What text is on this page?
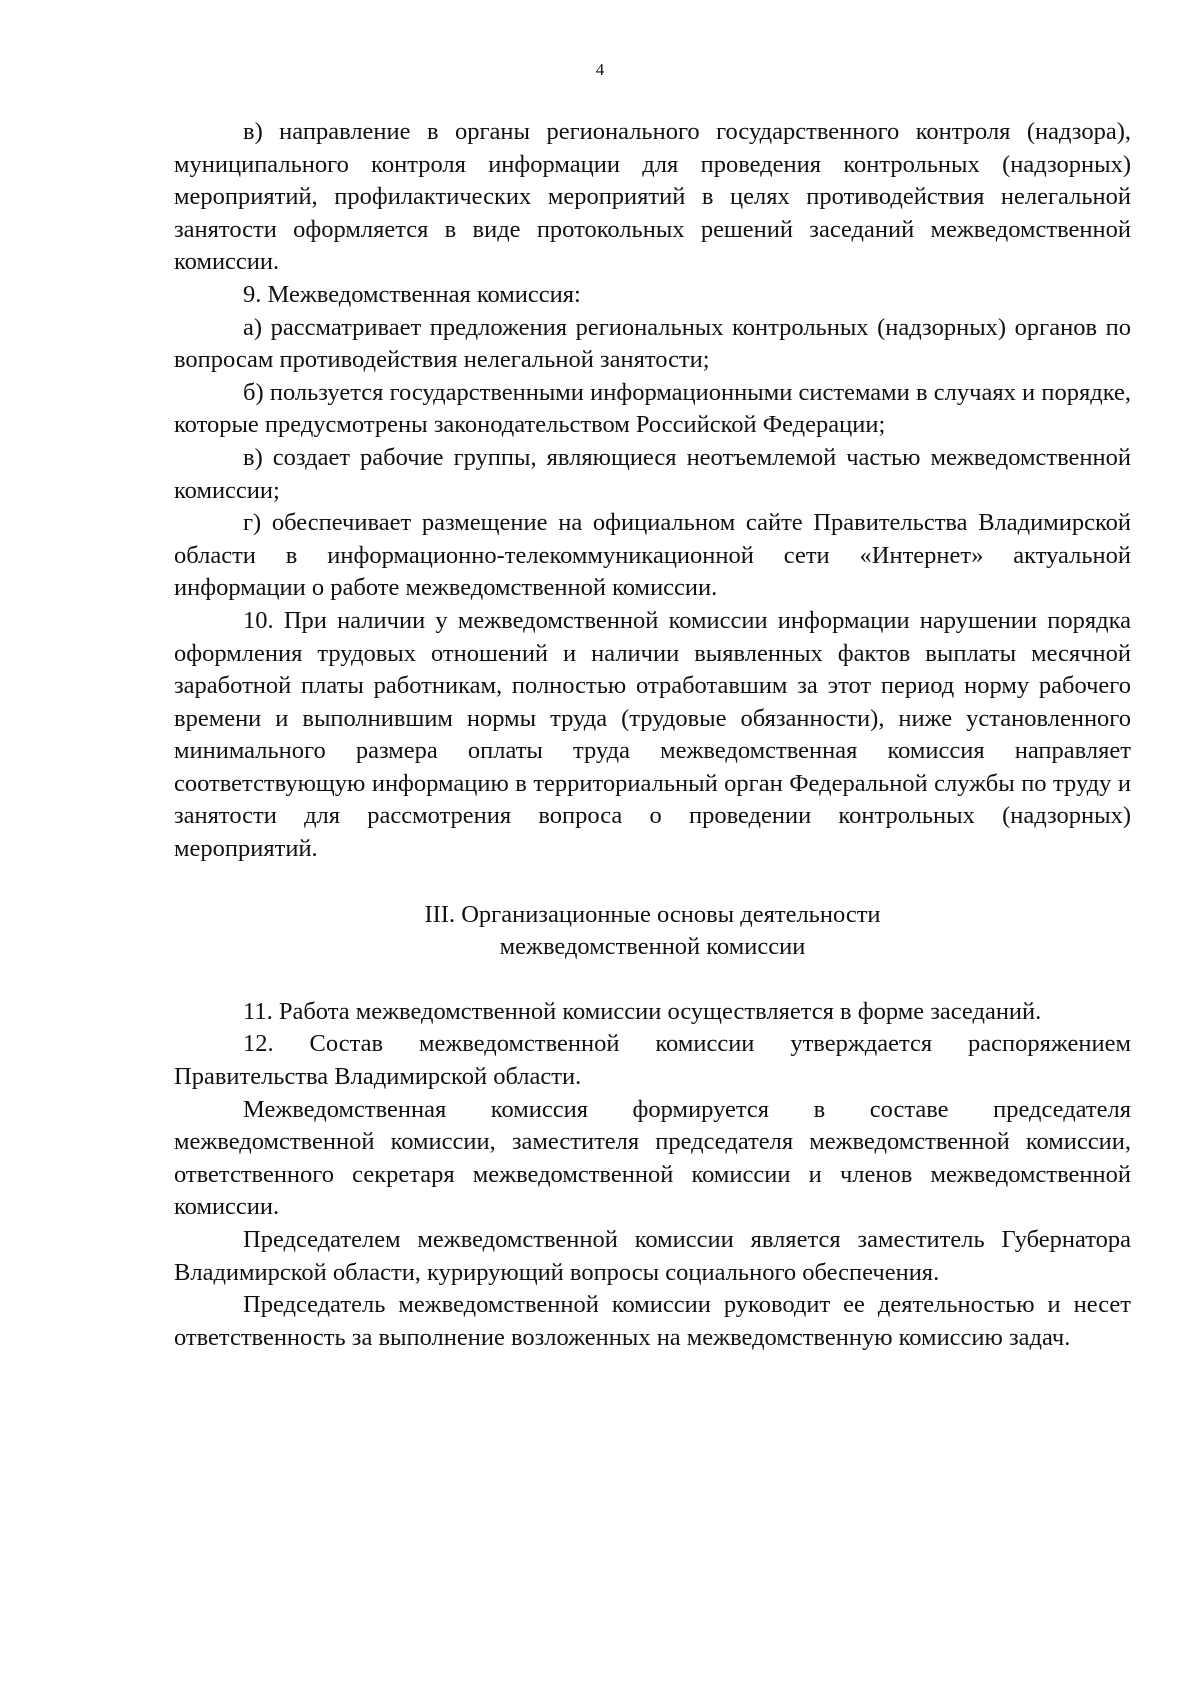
4

в) направление в органы регионального государственного контроля (надзора), муниципального контроля информации для проведения контрольных (надзорных) мероприятий, профилактических мероприятий в целях противодействия нелегальной занятости оформляется в виде протокольных решений заседаний межведомственной комиссии.

9. Межведомственная комиссия:

а) рассматривает предложения региональных контрольных (надзорных) органов по вопросам противодействия нелегальной занятости;

б) пользуется государственными информационными системами в случаях и порядке, которые предусмотрены законодательством Российской Федерации;

в) создает рабочие группы, являющиеся неотъемлемой частью межведомственной комиссии;

г) обеспечивает размещение на официальном сайте Правительства Владимирской области в информационно-телекоммуникационной сети «Интернет» актуальной информации о работе межведомственной комиссии.

10. При наличии у межведомственной комиссии информации нарушении порядка оформления трудовых отношений и наличии выявленных фактов выплаты месячной заработной платы работникам, полностью отработавшим за этот период норму рабочего времени и выполнившим нормы труда (трудовые обязанности), ниже установленного минимального размера оплаты труда межведомственная комиссия направляет соответствующую информацию в территориальный орган Федеральной службы по труду и занятости для рассмотрения вопроса о проведении контрольных (надзорных) мероприятий.

III. Организационные основы деятельности
межведомственной комиссии

11. Работа межведомственной комиссии осуществляется в форме заседаний.

12. Состав межведомственной комиссии утверждается распоряжением Правительства Владимирской области.

Межведомственная комиссия формируется в составе председателя межведомственной комиссии, заместителя председателя межведомственной комиссии, ответственного секретаря межведомственной комиссии и членов межведомственной комиссии.

Председателем межведомственной комиссии является заместитель Губернатора Владимирской области, курирующий вопросы социального обеспечения.

Председатель межведомственной комиссии руководит ее деятельностью и несет ответственность за выполнение возложенных на межведомственную комиссию задач.
